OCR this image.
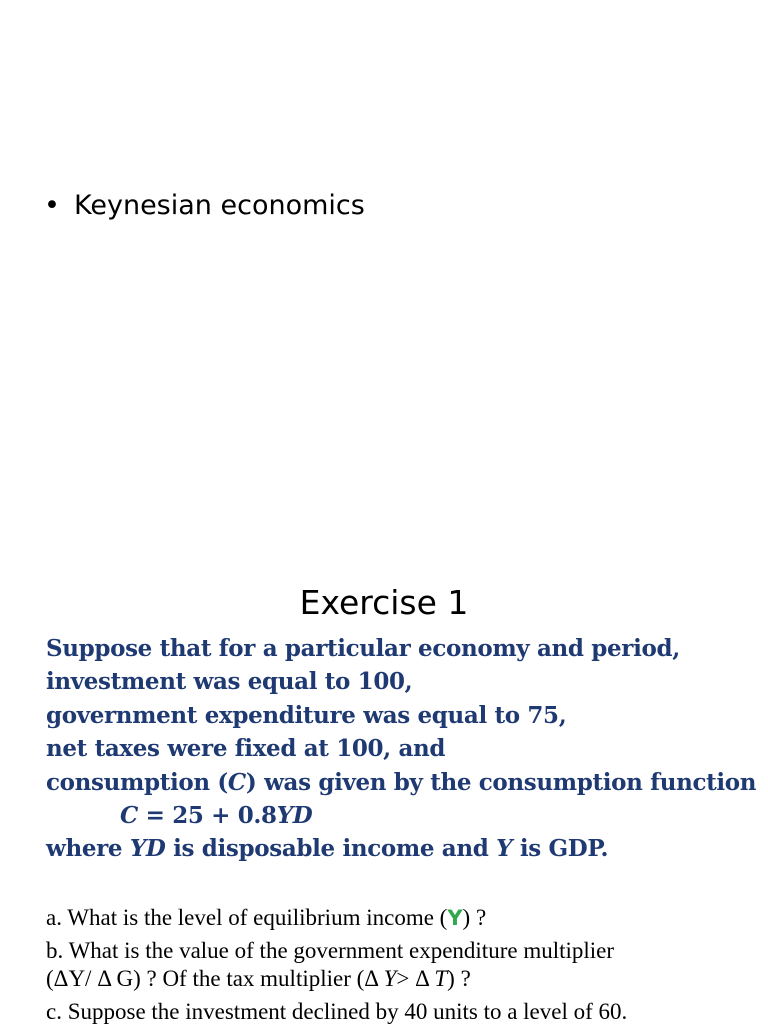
• Keynesian economics
Exercise 1
Suppose that for a particular economy and period,
investment was equal to 100,
government expenditure was equal to 75,
net taxes were fixed at 100, and
consumption (C) was given by the consumption function
C = 25 + 0.8YD
where YD is disposable income and Y is GDP.
a. What is the level of equilibrium income (Y) ?
b. What is the value of the government expenditure multiplier
(ΔY/ Δ G) ? Of the tax multiplier (Δ Y> Δ T) ?
c. Suppose the investment declined by 40 units to a level of 60.
